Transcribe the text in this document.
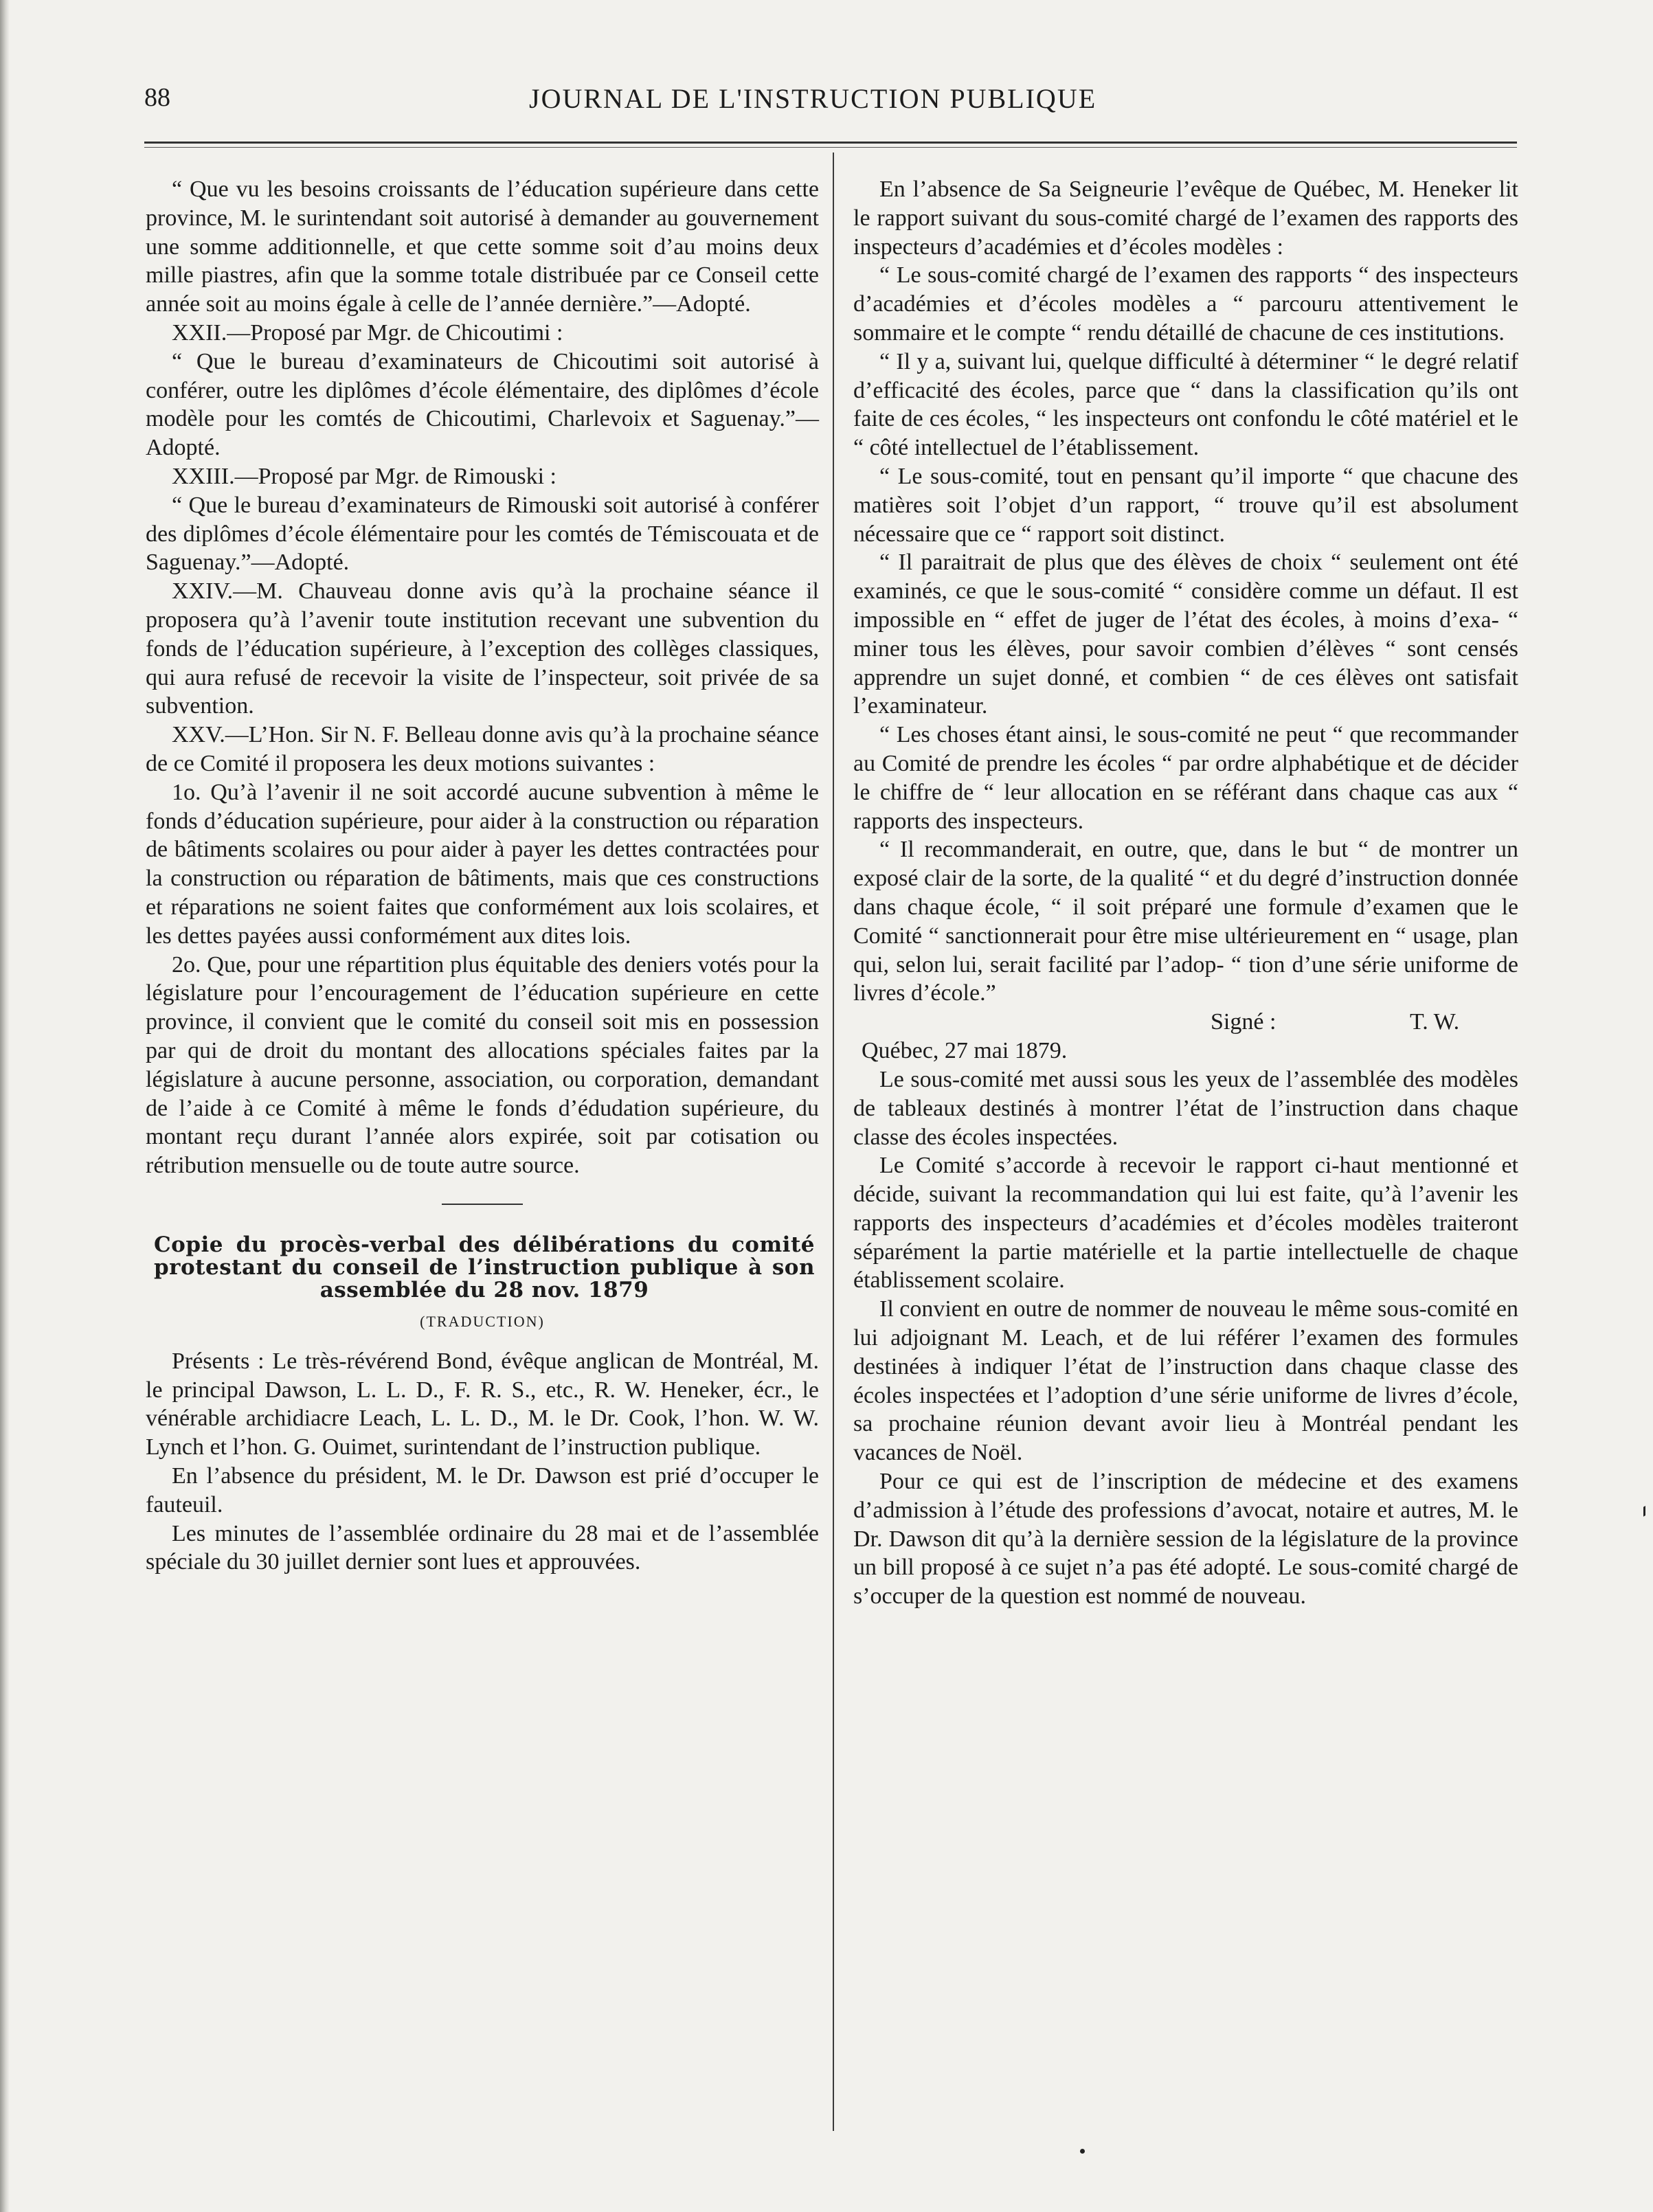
88	JOURNAL DE L'INSTRUCTION PUBLIQUE

“ Que vu les besoins croissants de l’éducation supérieure dans cette province, M. le surintendant soit autorisé à demander au gouvernement une somme additionnelle, et que cette somme soit d’au moins deux mille piastres, afin que la somme totale distribuée par ce Conseil cette année soit au moins égale à celle de l’année dernière.”—Adopté.

XXII.—Proposé par Mgr. de Chicoutimi :

“ Que le bureau d’examinateurs de Chicoutimi soit autorisé à conférer, outre les diplômes d’école élémentaire, des diplômes d’école modèle pour les comtés de Chicoutimi, Charlevoix et Saguenay.”—Adopté.

XXIII.—Proposé par Mgr. de Rimouski :

“ Que le bureau d’examinateurs de Rimouski soit autorisé à conférer des diplômes d’école élémentaire pour les comtés de Témiscouata et de Saguenay.”—Adopté.

XXIV.—M. Chauveau donne avis qu’à la prochaine séance il proposera qu’à l’avenir toute institution recevant une subvention du fonds de l’éducation supérieure, à l’exception des collèges classiques, qui aura refusé de recevoir la visite de l’inspecteur, soit privée de sa subvention.

XXV.—L’Hon. Sir N. F. Belleau donne avis qu’à la prochaine séance de ce Comité il proposera les deux motions suivantes :

1o. Qu’à l’avenir il ne soit accordé aucune subvention à même le fonds d’éducation supérieure, pour aider à la construction ou réparation de bâtiments scolaires ou pour aider à payer les dettes contractées pour la construction ou réparation de bâtiments, mais que ces constructions et réparations ne soient faites que conformément aux lois scolaires, et les dettes payées aussi conformément aux dites lois.

2o. Que, pour une répartition plus équitable des deniers votés pour la législature pour l’encouragement de l’éducation supérieure en cette province, il convient que le comité du conseil soit mis en possession par qui de droit du montant des allocations spéciales faites par la législature à aucune personne, association, ou corporation, demandant de l’aide à ce Comité à même le fonds d’édudation supérieure, du montant reçu durant l’année alors expirée, soit par cotisation ou rétribution mensuelle ou de toute autre source.

Copie du procès-verbal des délibérations du comité protestant du conseil de l’instruction publique à son assemblée du 28 nov. 1879
(TRADUCTION)

Présents : Le très-révérend Bond, évêque anglican de Montréal, M. le principal Dawson, L. L. D., F. R. S., etc., R. W. Heneker, écr., le vénérable archidiacre Leach, L. L. D., M. le Dr. Cook, l’hon. W. W. Lynch et l’hon. G. Ouimet, surintendant de l’instruction publique.

En l’absence du président, M. le Dr. Dawson est prié d’occuper le fauteuil.

Les minutes de l’assemblée ordinaire du 28 mai et de l’assemblée spéciale du 30 juillet dernier sont lues et approuvées.

En l’absence de Sa Seigneurie l’evêque de Québec, M. Heneker lit le rapport suivant du sous-comité chargé de l’examen des rapports des inspecteurs d’académies et d’écoles modèles :

“ Le sous-comité chargé de l’examen des rapports “ des inspecteurs d’académies et d’écoles modèles a “ parcouru attentivement le sommaire et le compte “ rendu détaillé de chacune de ces institutions.

“ Il y a, suivant lui, quelque difficulté à déterminer “ le degré relatif d’efficacité des écoles, parce que “ dans la classification qu’ils ont faite de ces écoles, “ les inspecteurs ont confondu le côté matériel et le “ côté intellectuel de l’établissement.

“ Le sous-comité, tout en pensant qu’il importe “ que chacune des matières soit l’objet d’un rapport, “ trouve qu’il est absolument nécessaire que ce “ rapport soit distinct.

“ Il paraitrait de plus que des élèves de choix “ seulement ont été examinés, ce que le sous-comité “ considère comme un défaut. Il est impossible en “ effet de juger de l’état des écoles, à moins d’exa- “ miner tous les élèves, pour savoir combien d’élèves “ sont censés apprendre un sujet donné, et combien “ de ces élèves ont satisfait l’examinateur.

“ Les choses étant ainsi, le sous-comité ne peut “ que recommander au Comité de prendre les écoles “ par ordre alphabétique et de décider le chiffre de “ leur allocation en se référant dans chaque cas aux “ rapports des inspecteurs.

“ Il recommanderait, en outre, que, dans le but “ de montrer un exposé clair de la sorte, de la qualité “ et du degré d’instruction donnée dans chaque école, “ il soit préparé une formule d’examen que le Comité “ sanctionnerait pour être mise ultérieurement en “ usage, plan qui, selon lui, serait facilité par l’adop- “ tion d’une série uniforme de livres d’école.”

Signé :	T. W.

Québec, 27 mai 1879.

Le sous-comité met aussi sous les yeux de l’assemblée des modèles de tableaux destinés à montrer l’état de l’instruction dans chaque classe des écoles inspectées.

Le Comité s’accorde à recevoir le rapport ci-haut mentionné et décide, suivant la recommandation qui lui est faite, qu’à l’avenir les rapports des inspecteurs d’académies et d’écoles modèles traiteront séparément la partie matérielle et la partie intellectuelle de chaque établissement scolaire.

Il convient en outre de nommer de nouveau le même sous-comité en lui adjoignant M. Leach, et de lui référer l’examen des formules destinées à indiquer l’état de l’instruction dans chaque classe des écoles inspectées et l’adoption d’une série uniforme de livres d’école, sa prochaine réunion devant avoir lieu à Montréal pendant les vacances de Noël.

Pour ce qui est de l’inscription de médecine et des examens d’admission à l’étude des professions d’avocat, notaire et autres, M. le Dr. Dawson dit qu’à la dernière session de la législature de la province un bill proposé à ce sujet n’a pas été adopté. Le sous-comité chargé de s’occuper de la question est nommé de nouveau.
